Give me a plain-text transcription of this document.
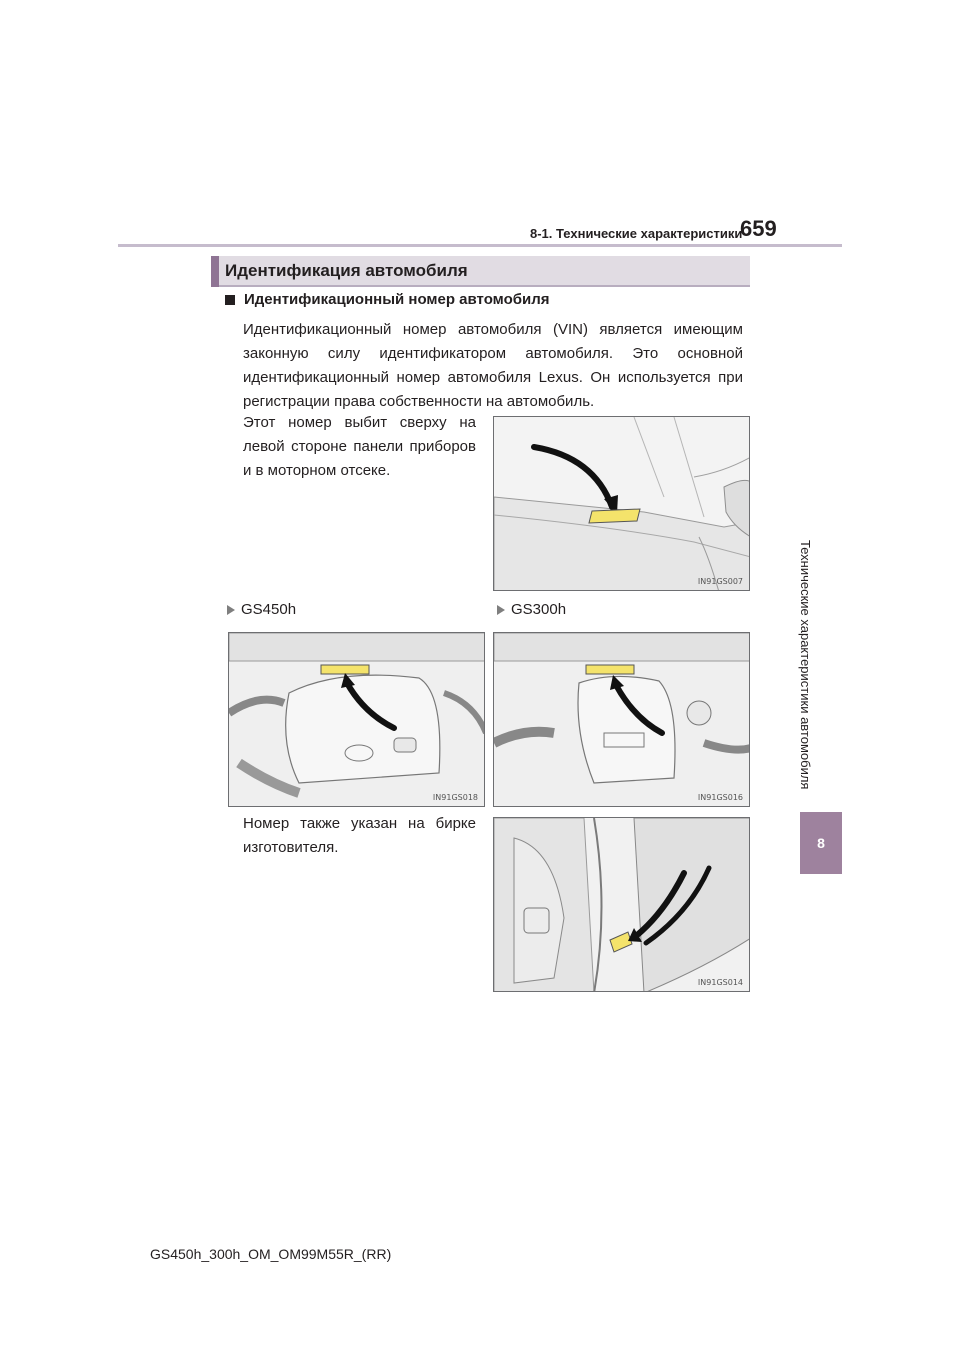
8-1. Технические характеристики
659
Технические характеристики автомобиля
8
Идентификация автомобиля
Идентификационный номер автомобиля
Идентификационный номер автомобиля (VIN) является имеющим законную силу идентификатором автомобиля. Это основной идентификационный номер автомобиля Lexus. Он используется при регистрации права собственности на автомобиль.
Этот номер выбит сверху на левой стороне панели приборов и в моторном отсеке.
Номер также указан на бирке изготовителя.
IN91GS007
GS450h	GS300h
IN91GS018	IN91GS016
IN91GS014
GS450h_300h_OM_OM99M55R_(RR)
